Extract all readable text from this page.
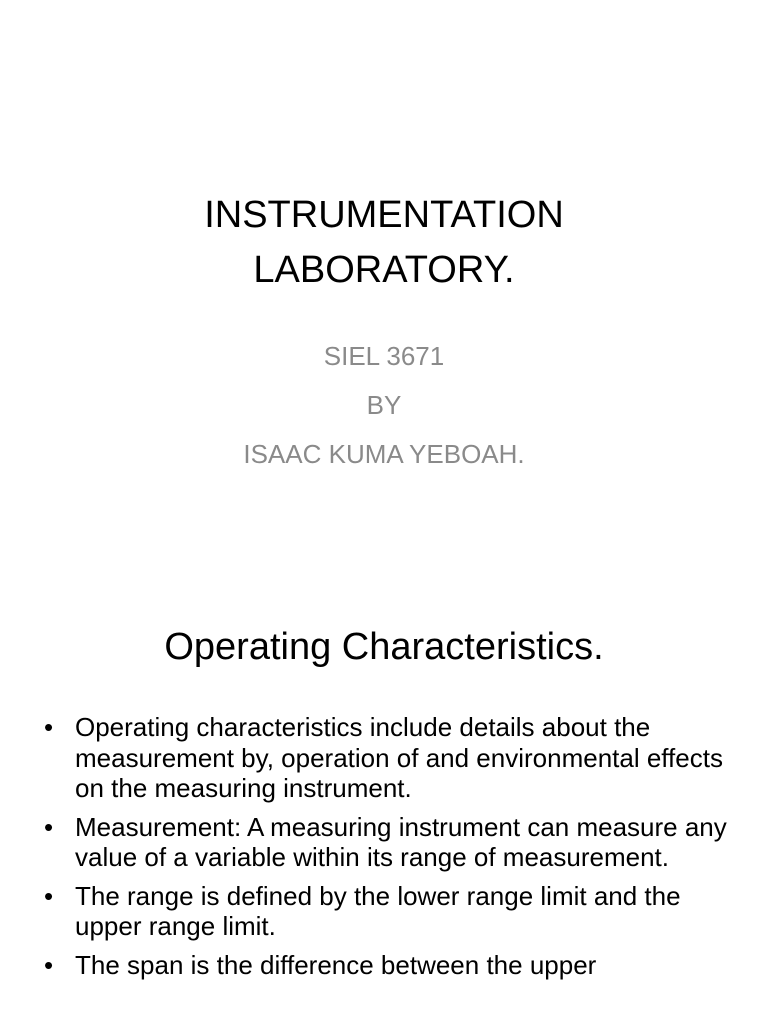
INSTRUMENTATION
LABORATORY.
SIEL 3671
BY
ISAAC KUMA YEBOAH.
Operating Characteristics.
• Operating characteristics include details about the measurement by, operation of and environmental effects on the measuring instrument.
• Measurement: A measuring instrument can measure any value of a variable within its range of measurement.
• The range is defined by the lower range limit and the upper range limit.
• The span is the difference between the upper
